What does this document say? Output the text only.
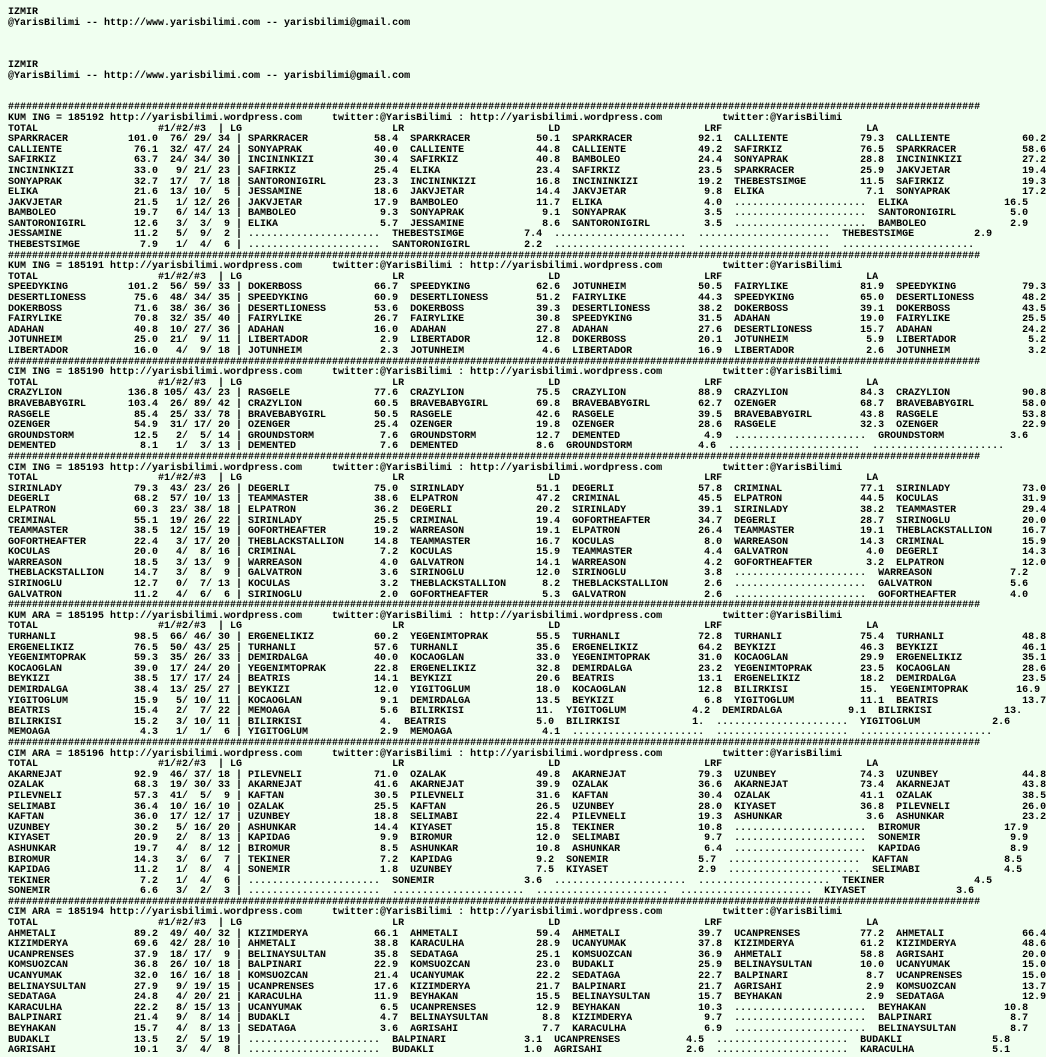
IZMIR
@YarisBilimi -- http://www.yarisbilimi.com -- yarisbilimi@gmail.com

IZMIR
@YarisBilimi -- http://www.yarisbilimi.com -- yarisbilimi@gmail.com

##################################################################################################################################################################
KUM ING = 185192 http://yarisbilimi.wordpress.com     twitter:@YarisBilimi : http://yarisbilimi.wordpress.com          twitter:@YarisBilimi
TOTAL                    #1/#2/#3  | LG                         LR                        LD                        LRF                        LA
SPARKRACER          101.0  76/ 29/ 34 | SPARKRACER           58.4  SPARKRACER           50.1  SPARKRACER           92.1  CALLIENTE            79.3  CALLIENTE            60.2
CALLIENTE            76.1  32/ 47/ 24 | SONYAPRAK            40.0  CALLIENTE            44.8  CALLIENTE            49.2  SAFIRKIZ             76.5  SPARKRACER           58.6
SAFIRKIZ             63.7  24/ 34/ 30 | INCININKIZI          30.4  SAFIRKIZ             40.8  BAMBOLEO             24.4  SONYAPRAK            28.8  INCININKIZI          27.2
INCININKIZI          33.0   9/ 21/ 23 | SAFIRKIZ             25.4  ELIKA                23.4  SAFIRKIZ             23.5  SPARKRACER           25.9  JAKVJETAR            19.4
SONYAPRAK            32.7  17/  7/ 18 | SANTORONIGIRL        23.3  INCININKIZI          16.8  INCININKIZI          19.2  THEBESTSIMGE         11.5  SAFIRKIZ             19.3
ELIKA                21.6  13/ 10/  5 | JESSAMINE            18.6  JAKVJETAR            14.4  JAKVJETAR             9.8  ELIKA                 7.1  SONYAPRAK            17.2
JAKVJETAR            21.5   1/ 12/ 26 | JAKVJETAR            17.9  BAMBOLEO             11.7  ELIKA                 4.0  ......................  ELIKA                16.5
BAMBOLEO             19.7   6/ 14/ 13 | BAMBOLEO              9.3  SONYAPRAK             9.1  SONYAPRAK             3.5  ......................  SANTORONIGIRL         5.0
SANTORONIGIRL        12.6   3/  3/  9 | ELIKA                 5.7  JESSAMINE             8.6  SANTORONIGIRL         3.5  ......................  BAMBOLEO              2.9
JESSAMINE            11.2   5/  9/  2 | ......................  THEBESTSIMGE          7.4  ......................  ......................  THEBESTSIMGE          2.9
THEBESTSIMGE          7.9   1/  4/  6 | ......................  SANTORONIGIRL         2.2  ......................  ......................  ......................
##################################################################################################################################################################
KUM ING = 185191 http://yarisbilimi.wordpress.com     twitter:@YarisBilimi : http://yarisbilimi.wordpress.com          twitter:@YarisBilimi
TOTAL                    #1/#2/#3  | LG                         LR                        LD                        LRF                        LA
SPEEDYKING          101.2  56/ 59/ 33 | DOKERBOSS            66.7  SPEEDYKING           62.6  JOTUNHEIM            50.5  FAIRYLIKE            81.9  SPEEDYKING           79.3
DESERTLIONESS        75.6  48/ 34/ 35 | SPEEDYKING           60.9  DESERTLIONESS        51.2  FAIRYLIKE            44.3  SPEEDYKING           65.0  DESERTLIONESS        48.2
DOKERBOSS            71.6  38/ 36/ 36 | DESERTLIONESS        53.6  DOKERBOSS            39.3  DESERTLIONESS        38.2  DOKERBOSS            39.1  DOKERBOSS            43.5
FAIRYLIKE            70.8  32/ 35/ 40 | FAIRYLIKE            26.7  FAIRYLIKE            30.8  SPEEDYKING           31.5  ADAHAN               19.0  FAIRYLIKE            25.5
ADAHAN               40.8  10/ 27/ 36 | ADAHAN               16.0  ADAHAN               27.8  ADAHAN               27.6  DESERTLIONESS        15.7  ADAHAN               24.2
JOTUNHEIM            25.0  21/  9/ 11 | LIBERTADOR            2.9  LIBERTADOR           12.8  DOKERBOSS            20.1  JOTUNHEIM             5.9  LIBERTADOR            5.2
LIBERTADOR           16.0   4/  9/ 18 | JOTUNHEIM             2.3  JOTUNHEIM             4.6  LIBERTADOR           16.9  LIBERTADOR            2.6  JOTUNHEIM             3.2
##################################################################################################################################################################
CIM ING = 185190 http://yarisbilimi.wordpress.com     twitter:@YarisBilimi : http://yarisbilimi.wordpress.com          twitter:@YarisBilimi
TOTAL                    #1/#2/#3  | LG                         LR                        LD                        LRF                        LA
CRAZYLION           136.8 105/ 43/ 23 | RASGELE              77.6  CRAZYLION            75.5  CRAZYLION            88.9  CRAZYLION            84.3  CRAZYLION            90.8
BRAVEBABYGIRL       103.4  26/ 89/ 42 | CRAZYLION            60.5  BRAVEBABYGIRL        69.8  BRAVEBABYGIRL        62.7  OZENGER              68.7  BRAVEBABYGIRL        58.0
RASGELE              85.4  25/ 33/ 78 | BRAVEBABYGIRL        50.5  RASGELE              42.6  RASGELE              39.5  BRAVEBABYGIRL        43.8  RASGELE              53.8
OZENGER              54.9  31/ 17/ 20 | OZENGER              25.4  OZENGER              19.8  OZENGER              28.6  RASGELE              32.3  OZENGER              22.9
GROUNDSTORM          12.5   2/  5/ 14 | GROUNDSTORM           7.6  GROUNDSTORM          12.7  DEMENTED              4.9  ......................  GROUNDSTORM           3.6
DEMENTED              8.1   1/  3/ 13 | DEMENTED              7.6  DEMENTED             8.6  GROUNDSTORM           4.6  ......................  ......................
##################################################################################################################################################################
CIM ING = 185193 http://yarisbilimi.wordpress.com     twitter:@YarisBilimi : http://yarisbilimi.wordpress.com          twitter:@YarisBilimi
TOTAL                    #1/#2/#3  | LG                         LR                        LD                        LRF                        LA
SIRINLADY            79.3  43/ 23/ 26 | DEGERLI              75.0  SIRINLADY            51.1  DEGERLI              57.8  CRIMINAL             77.1  SIRINLADY            73.0
DEGERLI              68.2  57/ 10/ 13 | TEAMMASTER           38.6  ELPATRON             47.2  CRIMINAL             45.5  ELPATRON             44.5  KOCULAS              31.9
ELPATRON             60.3  23/ 38/ 18 | ELPATRON             36.2  DEGERLI              20.2  SIRINLADY            39.1  SIRINLADY            38.2  TEAMMASTER           29.4
CRIMINAL             55.1  19/ 26/ 22 | SIRINLADY            25.5  CRIMINAL             19.4  GOFORTHEAFTER        34.7  DEGERLI              28.7  SIRINOGLU            20.0
TEAMMASTER           38.5  12/ 15/ 19 | GOFORTHEAFTER        19.2  WARREASON            19.1  ELPATRON             26.4  TEAMMASTER           19.1  THEBLACKSTALLION     16.7
GOFORTHEAFTER        22.4   3/ 17/ 20 | THEBLACKSTALLION     14.8  TEAMMASTER           16.7  KOCULAS               8.0  WARREASON            14.3  CRIMINAL             15.9
KOCULAS              20.0   4/  8/ 16 | CRIMINAL              7.2  KOCULAS              15.9  TEAMMASTER            4.4  GALVATRON             4.0  DEGERLI              14.3
WARREASON            18.5   3/ 13/  9 | WARREASON             4.0  GALVATRON            14.1  WARREASON             4.2  GOFORTHEAFTER         3.2  ELPATRON             12.0
THEBLACKSTALLION     14.7   3/  8/  9 | GALVATRON             3.6  SIRINOGLU            12.0  SIRINOGLU             3.8  ......................  WARREASON             7.2
SIRINOGLU            12.7   0/  7/ 13 | KOCULAS               3.2  THEBLACKSTALLION      8.2  THEBLACKSTALLION      2.6  ......................  GALVATRON             5.6
GALVATRON            11.2   4/  6/  6 | SIRINOGLU             2.0  GOFORTHEAFTER         5.3  GALVATRON             2.6  ......................  GOFORTHEAFTER         4.0
##################################################################################################################################################################
KUM ARA = 185195 http://yarisbilimi.wordpress.com     twitter:@YarisBilimi : http://yarisbilimi.wordpress.com          twitter:@YarisBilimi
TOTAL                    #1/#2/#3  | LG                         LR                        LD                        LRF                        LA
TURHANLI             98.5  66/ 46/ 30 | ERGENELIKIZ          60.2  YEGENIMTOPRAK        55.5  TURHANLI             72.8  TURHANLI             75.4  TURHANLI             48.8
ERGENELIKIZ          76.5  50/ 43/ 25 | TURHANLI             57.6  TURHANLI             35.6  ERGENELIKIZ          64.2  BEYKIZI              46.3  BEYKIZI              46.1
YEGENIMTOPRAK        59.3  35/ 26/ 33 | DEMIRDALGA           40.0  KOCAOGLAN            33.0  YEGENIMTOPRAK        31.0  KOCAOGLAN            29.9  ERGENELIKIZ          35.1
KOCAOGLAN            39.0  17/ 24/ 20 | YEGENIMTOPRAK        22.8  ERGENELIKIZ          32.8  DEMIRDALGA           23.2  YEGENIMTOPRAK        23.5  KOCAOGLAN            28.6
BEYKIZI              38.5  17/ 17/ 24 | BEATRIS              14.1  BEYKIZI              20.6  BEATRIS              13.1  ERGENELIKIZ          18.2  DEMIRDALGA           23.5
DEMIRDALGA           38.4  13/ 25/ 27 | BEYKIZI              12.0  YIGITOGLUM           18.0  KOCAOGLAN            12.8  BILIRKISI            15.  YEGENIMTOPRAK        16.9
YIGITOGLUM           15.9   5/ 10/ 11 | KOCAOGLAN             9.1  DEMIRDALGA           13.5  BEYKIZI               6.8  YIGITOGLUM           11.1  BEATRIS              13.7
BEATRIS              15.4   2/  7/ 22 | MEMOAGA               5.6  BILIRKISI            11.  YIGITOGLUM           4.2  DEMIRDALGA           9.1  BILIRKISI            13.
BILIRKISI            15.2   3/ 10/ 11 | BILIRKISI             4.  BEATRIS               5.0  BILIRKISI            1.  ......................  YIGITOGLUM            2.6
MEMOAGA               4.3   1/  1/  6 | YIGITOGLUM            2.9  MEMOAGA               4.1  ......................  ......................  ......................
##################################################################################################################################################################
CIM ARA = 185196 http://yarisbilimi.wordpress.com     twitter:@YarisBilimi : http://yarisbilimi.wordpress.com          twitter:@YarisBilimi
TOTAL                    #1/#2/#3  | LG                         LR                        LD                        LRF                        LA
AKARNEJAT            92.9  46/ 37/ 18 | PILEVNELI            71.0  OZALAK               49.8  AKARNEJAT            79.3  UZUNBEY              74.3  UZUNBEY              44.8
OZALAK               68.3  19/ 30/ 33 | AKARNEJAT            41.6  AKARNEJAT            39.9  OZALAK               36.6  AKARNEJAT            73.4  AKARNEJAT            43.8
PILEVNELI            57.3  41/  5/  9 | KAFTAN               30.5  PILEVNELI            31.6  KAFTAN               30.4  OZALAK               41.1  OZALAK               38.5
SELIMABI             36.4  10/ 16/ 10 | OZALAK               25.5  KAFTAN               26.5  UZUNBEY              28.0  KIYASET              36.8  PILEVNELI            26.0
KAFTAN               36.0  17/ 12/ 17 | UZUNBEY              18.8  SELIMABI             22.4  PILEVNELI            19.3  ASHUNKAR              3.6  ASHUNKAR             23.2
UZUNBEY              30.2   5/ 16/ 20 | ASHUNKAR             14.4  KIYASET              15.8  TEKINER              10.8  ......................  BIROMUR              17.9
KIYASET              20.9   2/  8/ 13 | KAPIDAG               9.9  BIROMUR              12.0  SELIMABI              9.7  ......................  SONEMIR               9.9
ASHUNKAR             19.7   4/  8/ 12 | BIROMUR               8.5  ASHUNKAR             10.8  ASHUNKAR              6.4  ......................  KAPIDAG               8.9
BIROMUR              14.3   3/  6/  7 | TEKINER               7.2  KAPIDAG              9.2  SONEMIR               5.7  ......................  KAFTAN                8.5
KAPIDAG              11.2   1/  8/  4 | SONEMIR               1.8  UZUNBEY              7.5  KIYASET               2.9  ......................  SELIMABI              4.5
TEKINER               7.2   1/  4/  6 | ......................  SONEMIR               3.6  ......................  ......................  TEKINER               4.5
SONEMIR               6.6   3/  2/  3 | ......................  ......................  ......................  ......................  KIYASET               3.6
##################################################################################################################################################################
CIM ARA = 185194 http://yarisbilimi.wordpress.com     twitter:@YarisBilimi : http://yarisbilimi.wordpress.com          twitter:@YarisBilimi
TOTAL                    #1/#2/#3  | LG                         LR                        LD                        LRF                        LA
AHMETALI             89.2  49/ 40/ 32 | KIZIMDERYA           66.1  AHMETALI             59.4  AHMETALI             39.7  UCANPRENSES          77.2  AHMETALI             66.4
KIZIMDERYA           69.6  42/ 28/ 10 | AHMETALI             38.8  KARACULHA            28.9  UCANYUMAK            37.8  KIZIMDERYA           61.2  KIZIMDERYA           48.6
UCANPRENSES          37.9  18/ 17/  9 | BELINAYSULTAN        35.8  SEDATAGA             25.1  KOMSUOZCAN           36.9  AHMETALI             58.8  AGRISAHI             20.0
KOMSUOZCAN           36.8  26/ 10/ 18 | BALPINARI            22.9  KOMSUOZCAN           23.0  BUDAKLI              25.9  BELINAYSULTAN        10.0  UCANYUMAK            15.0
UCANYUMAK            32.0  16/ 16/ 18 | KOMSUOZCAN           21.4  UCANYUMAK            22.2  SEDATAGA             22.7  BALPINARI             8.7  UCANPRENSES          15.0
BELINAYSULTAN        27.9   9/ 19/ 15 | UCANPRENSES          17.6  KIZIMDERYA           21.7  BALPINARI            21.7  AGRISAHI              2.9  KOMSUOZCAN           13.7
SEDATAGA             24.8   4/ 20/ 21 | KARACULHA            11.9  BEYHAKAN             15.5  BELINAYSULTAN        15.7  BEYHAKAN              2.9  SEDATAGA             12.9
KARACULHA            22.2   8/ 15/ 13 | UCANYUMAK             6.5  UCANPRENSES          12.9  BEYHAKAN             10.3  ......................  BEYHAKAN             10.8
BALPINARI            21.4   9/  8/ 14 | BUDAKLI               4.7  BELINAYSULTAN         8.8  KIZIMDERYA            9.7  ......................  BALPINARI             8.7
BEYHAKAN             15.7   4/  8/ 13 | SEDATAGA              3.6  AGRISAHI              7.7  KARACULHA             6.9  ......................  BELINAYSULTAN         8.7
BUDAKLI              13.5   2/  5/ 19 | ......................  BALPINARI             3.1  UCANPRENSES           4.5  ......................  BUDAKLI               5.8
AGRISAHI             10.1   3/  4/  8 | ......................  BUDAKLI               1.0  AGRISAHI              2.6  ......................  KARACULHA             5.1
